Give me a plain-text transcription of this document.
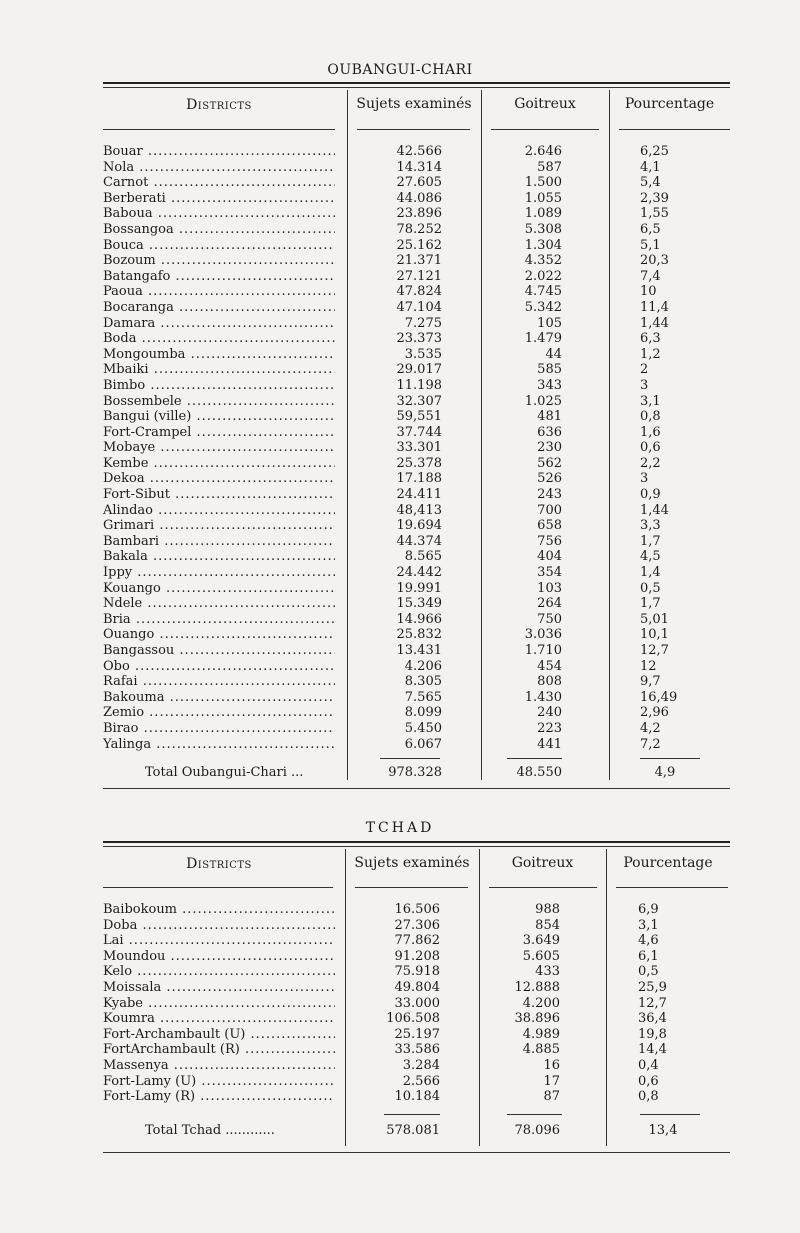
OUBANGUI-CHARI
Districts	Sujets examinés	Goitreux	Pourcentage
Bouar .....	42.566	2.646	6,25
Nola .....	14.314	587	4,1
Carnot .....	27.605	1.500	5,4
Berberati .....	44.086	1.055	2,39
Baboua .....	23.896	1.089	1,55
Bossangoa .....	78.252	5.308	6,5
Bouca .....	25.162	1.304	5,1
Bozoum .....	21.371	4.352	20,3
Batangafo .....	27.121	2.022	7,4
Paoua .....	47.824	4.745	10
Bocaranga .....	47.104	5.342	11,4
Damara .....	7.275	105	1,44
Boda .....	23.373	1.479	6,3
Mongoumba .....	3.535	44	1,2
Mbaiki .....	29.017	585	2
Bimbo .....	11.198	343	3
Bossembele .....	32.307	1.025	3,1
Bangui (ville) .....	59,551	481	0,8
Fort-Crampel .....	37.744	636	1,6
Mobaye .....	33.301	230	0,6
Kembe .....	25.378	562	2,2
Dekoa .....	17.188	526	3
Fort-Sibut .....	24.411	243	0,9
Alindao .....	48,413	700	1,44
Grimari .....	19.694	658	3,3
Bambari .....	44.374	756	1,7
Bakala .....	8.565	404	4,5
Ippy .....	24.442	354	1,4
Kouango .....	19.991	103	0,5
Ndele .....	15.349	264	1,7
Bria .....	14.966	750	5,01
Ouango .....	25.832	3.036	10,1
Bangassou .....	13.431	1.710	12,7
Obo .....	4.206	454	12
Rafai .....	8.305	808	9,7
Bakouma .....	7.565	1.430	16,49
Zemio .....	8.099	240	2,96
Birao .....	5.450	223	4,2
Yalinga .....	6.067	441	7,2
Total Oubangui-Chari ...	978.328	48.550	4,9
TCHAD
Districts	Sujets examinés	Goitreux	Pourcentage
Baibokoum .....	16.506	988	6,9
Doba .....	27.306	854	3,1
Lai .....	77.862	3.649	4,6
Moundou .....	91.208	5.605	6,1
Kelo .....	75.918	433	0,5
Moissala .....	49.804	12.888	25,9
Kyabe .....	33.000	4.200	12,7
Koumra .....	106.508	38.896	36,4
Fort-Archambault (U) .....	25.197	4.989	19,8
FortArchambault (R) .....	33.586	4.885	14,4
Massenya .....	3.284	16	0,4
Fort-Lamy (U) .....	2.566	17	0,6
Fort-Lamy (R) .....	10.184	87	0,8
Total Tchad ............	578.081	78.096	13,4
